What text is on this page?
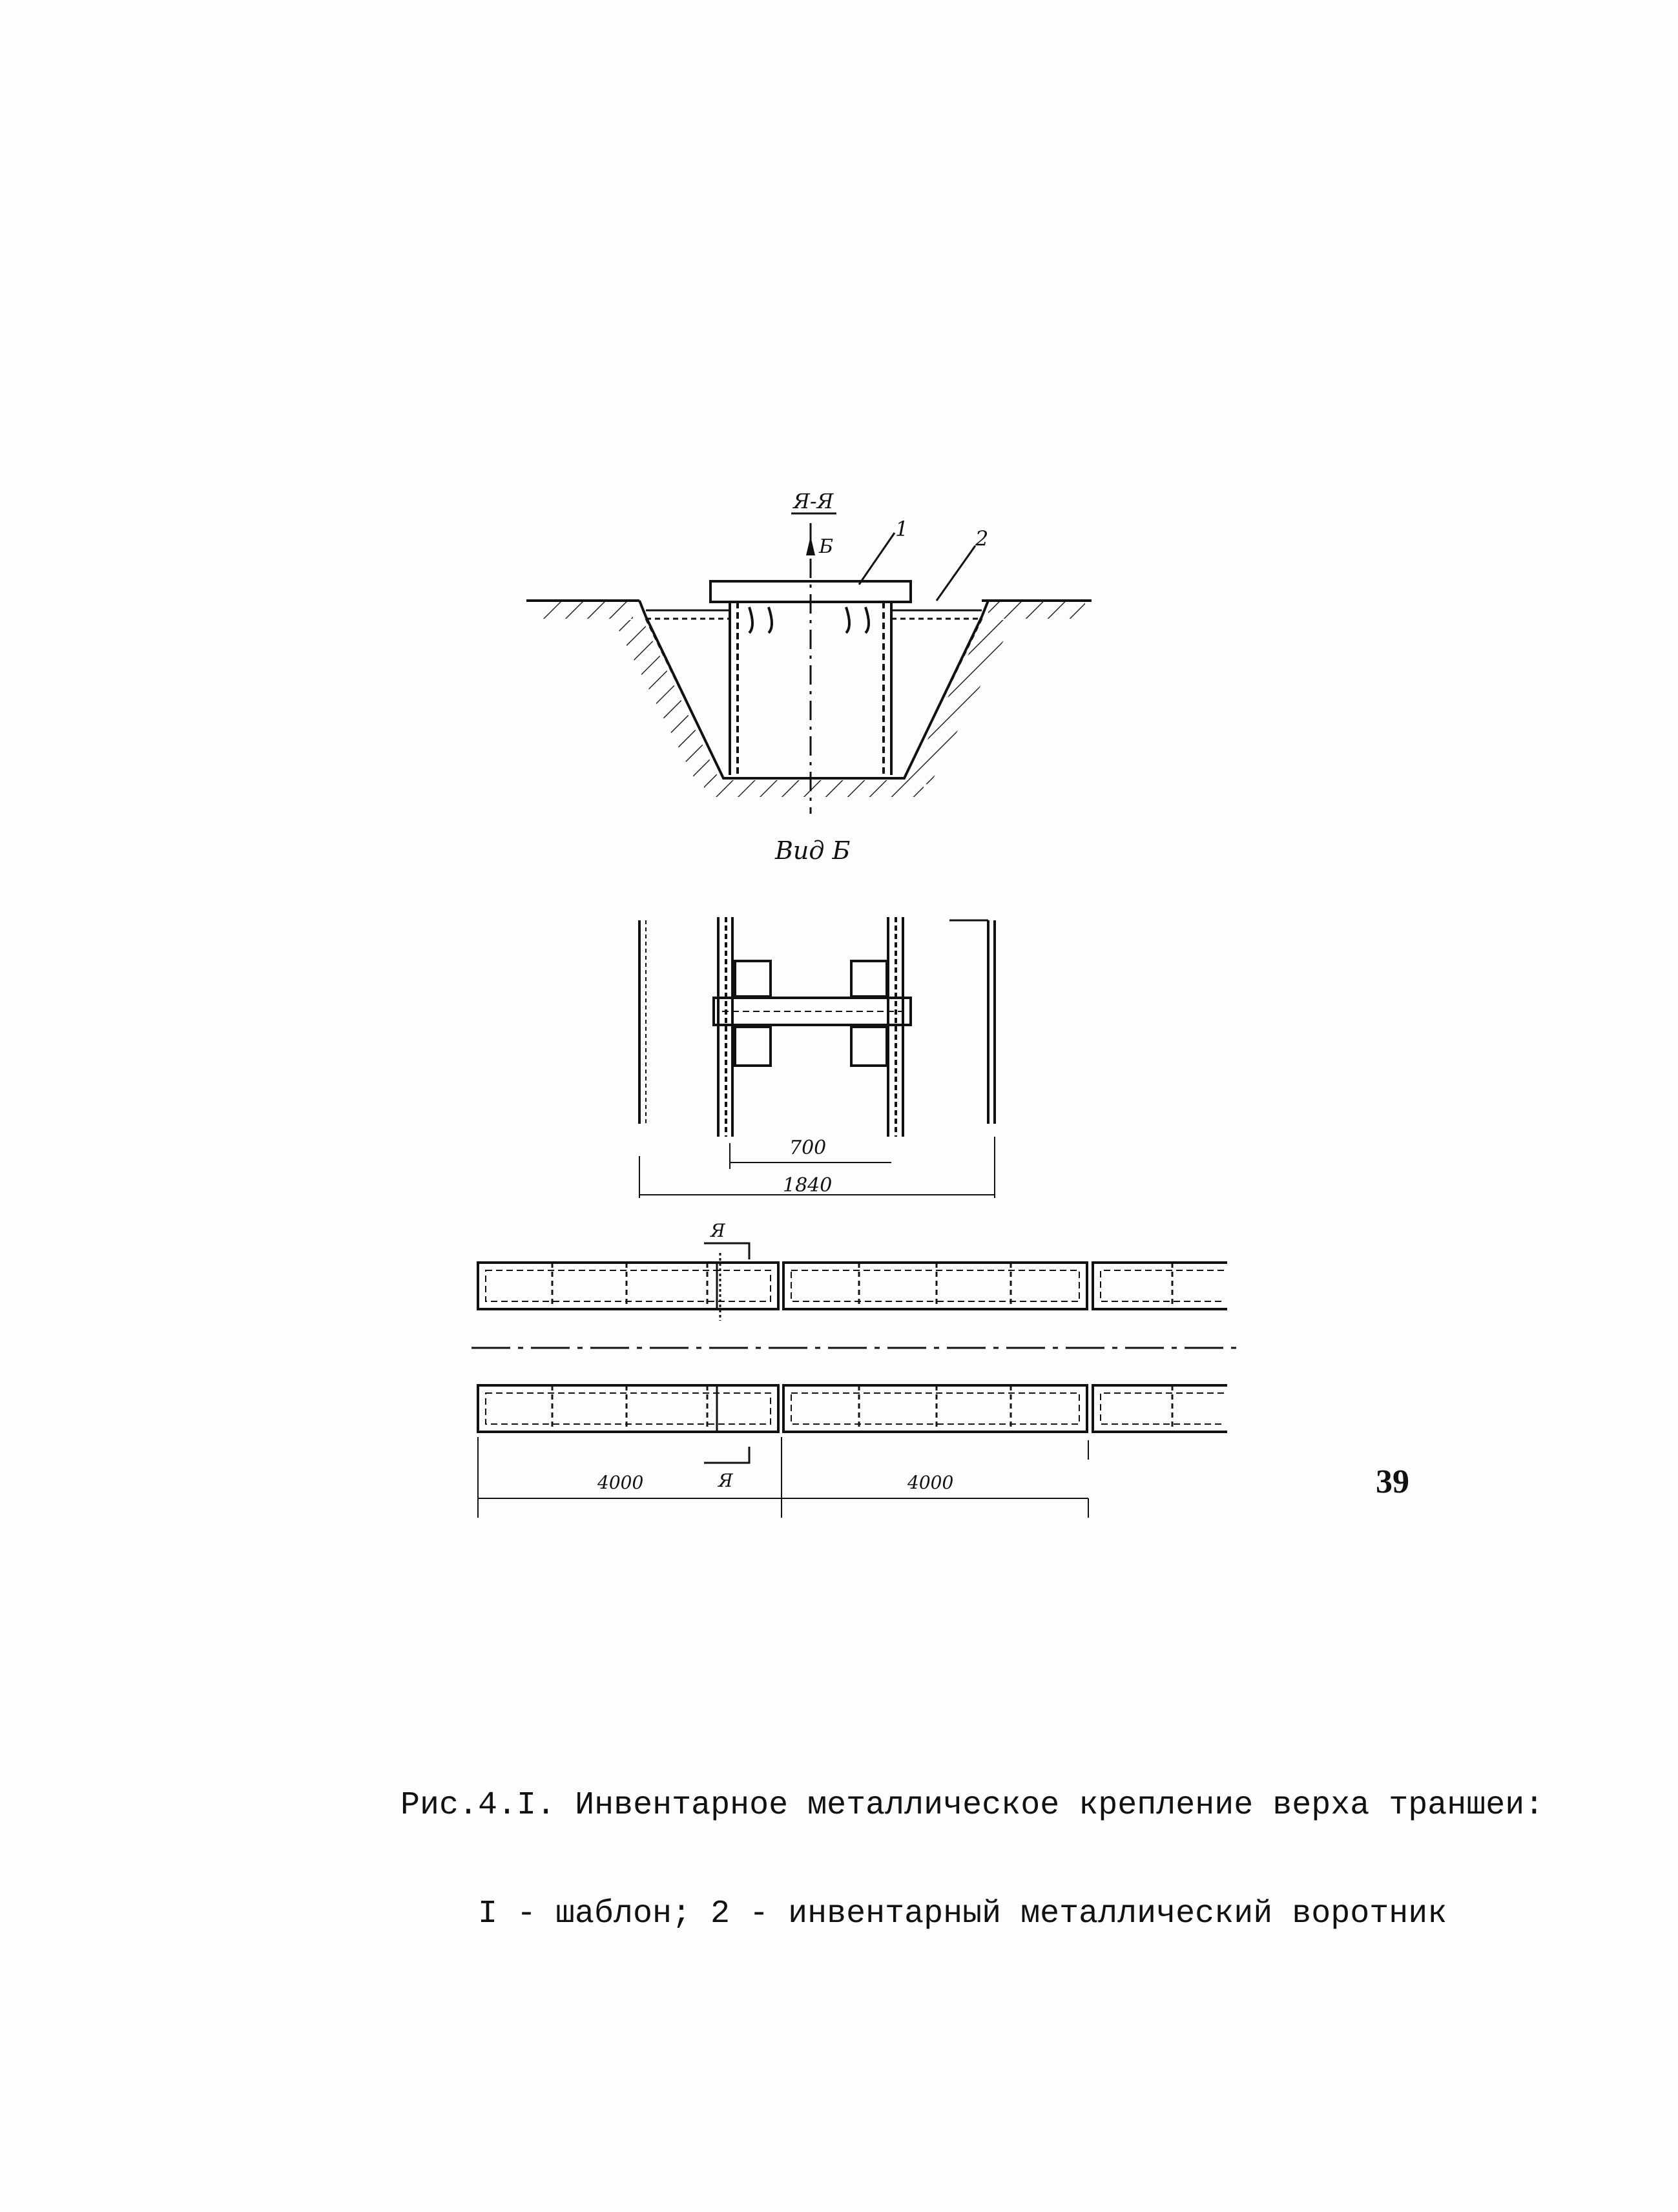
Я-Я
Б
1	2
Вид Б
700
1840
Я
Я
4000	4000

Рис.4.I. Инвентарное металлическое крепление верха траншеи:

I - шаблон; 2 - инвентарный металлический воротник

39
